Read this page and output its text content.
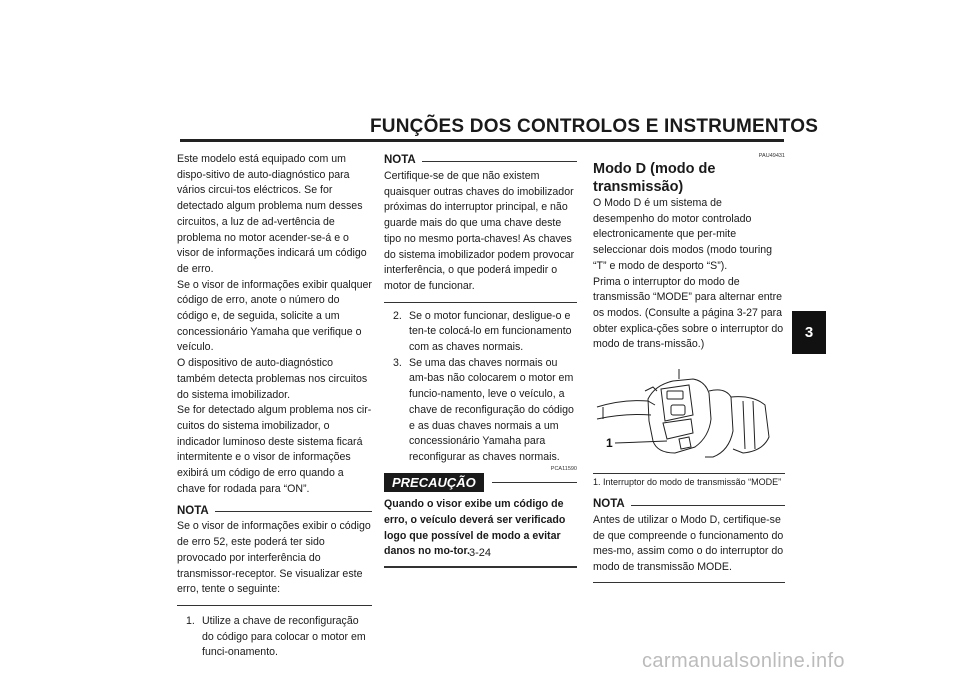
FUNÇÕES DOS CONTROLOS E INSTRUMENTOS
3

Este modelo está equipado com um dispo-sitivo de auto-diagnóstico para vários circui-tos eléctricos. Se for detectado algum problema num desses circuitos, a luz de ad-vertência de problema no motor acender-se-á e o visor de informações indicará um código de erro.

Se o visor de informações exibir qualquer código de erro, anote o número do código e, de seguida, solicite a um concessionário Yamaha que verifique o veículo.

O dispositivo de auto-diagnóstico também detecta problemas nos circuitos do sistema imobilizador.

Se for detectado algum problema nos cir-cuitos do sistema imobilizador, o indicador luminoso deste sistema ficará intermitente e o visor de informações exibirá um código de erro quando a chave for rodada para “ON”.

NOTA

Se o visor de informações exibir o código de erro 52, este poderá ter sido provocado por interferência do transmissor-receptor. Se visualizar este erro, tente o seguinte:

1. Utilize a chave de reconfiguração do código para colocar o motor em funci-onamento.
NOTA

Certifique-se de que não existem quaisquer outras chaves do imobilizador próximas do interruptor principal, e não guarde mais do que uma chave deste tipo no mesmo porta-chaves! As chaves do sistema imobilizador podem provocar interferência, o que poderá impedir o motor de funcionar.

2. Se o motor funcionar, desligue-o e ten-te colocá-lo em funcionamento com as chaves normais.
3. Se uma das chaves normais ou am-bas não colocarem o motor em funcio-namento, leve o veículo, a chave de reconfiguração do código e as duas chaves normais a um concessionário Yamaha para reconfigurar as chaves normais.
PCA11590
PRECAUÇÃO

Quando o visor exibe um código de erro, o veículo deverá ser verificado logo que possível de modo a evitar danos no mo-tor.

PAU49431
Modo D (modo de transmissão)

O Modo D é um sistema de desempenho do motor controlado electronicamente que per-mite seleccionar dois modos (modo touring “T” e modo de desporto “S”).

Prima o interruptor do modo de transmissão “MODE” para alternar entre os modos. (Consulte a página 3-27 para obter explica-ções sobre o interruptor do modo de trans-missão.)

1
1. Interruptor do modo de transmissão “MODE”
NOTA

Antes de utilizar o Modo D, certifique-se de que compreende o funcionamento do mes-mo, assim como o do interruptor do modo de transmissão MODE.

3-24
carmanualsonline.info
